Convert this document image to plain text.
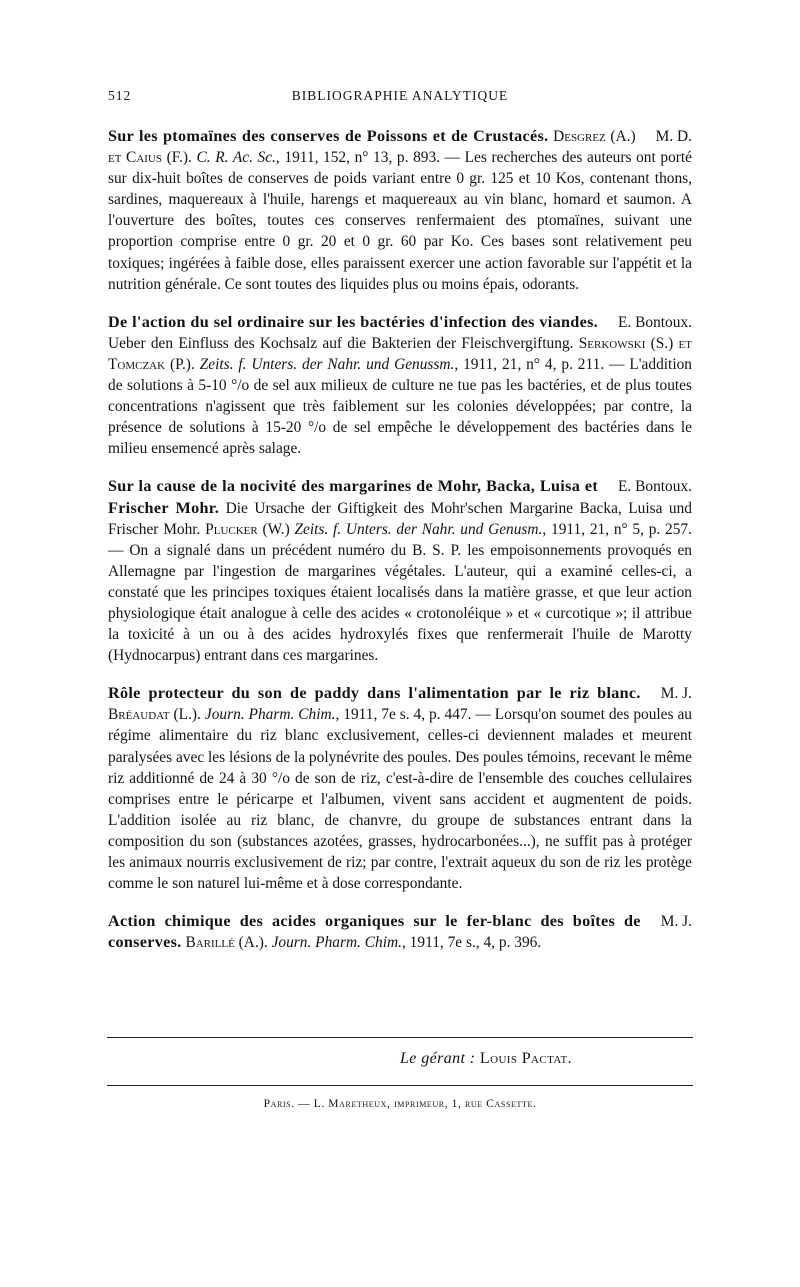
512	BIBLIOGRAPHIE ANALYTIQUE

M. D.
Sur les ptomaïnes des conserves de Poissons et de Crustacés. Desgrez (A.) et Caius (F.). C. R. Ac. Sc., 1911, 152, n° 13, p. 893. — Les recherches des auteurs ont porté sur dix-huit boîtes de conserves de poids variant entre 0 gr. 125 et 10 Kos, contenant thons, sardines, maquereaux à l'huile, harengs et maquereaux au vin blanc, homard et saumon. A l'ouverture des boîtes, toutes ces conserves renfermaient des ptomaïnes, suivant une proportion comprise entre 0 gr. 20 et 0 gr. 60 par Ko. Ces bases sont relativement peu toxiques; ingérées à faible dose, elles paraissent exercer une action favorable sur l'appétit et la nutrition générale. Ce sont toutes des liquides plus ou moins épais, odorants.

E. Bontoux.
De l'action du sel ordinaire sur les bactéries d'infection des viandes. Ueber den Einfluss des Kochsalz auf die Bakterien der Fleischvergiftung. Serkowski (S.) et Tomczak (P.). Zeits. f. Unters. der Nahr. und Genussm., 1911, 21, n° 4, p. 211. — L'addition de solutions à 5-10 °/o de sel aux milieux de culture ne tue pas les bactéries, et de plus toutes concentrations n'agissent que très faiblement sur les colonies développées; par contre, la présence de solutions à 15-20 °/o de sel empêche le développement des bactéries dans le milieu ensemencé après salage.

E. Bontoux.
Sur la cause de la nocivité des margarines de Mohr, Backa, Luisa et Frischer Mohr. Die Ursache der Giftigkeit des Mohr'schen Margarine Backa, Luisa und Frischer Mohr. Plucker (W.) Zeits. f. Unters. der Nahr. und Genusm., 1911, 21, n° 5, p. 257. — On a signalé dans un précédent numéro du B. S. P. les empoisonnements provoqués en Allemagne par l'ingestion de margarines végétales. L'auteur, qui a examiné celles-ci, a constaté que les principes toxiques étaient localisés dans la matière grasse, et que leur action physiologique était analogue à celle des acides « crotonoléique » et « curcotique »; il attribue la toxicité à un ou à des acides hydroxylés fixes que renfermerait l'huile de Marotty (Hydnocarpus) entrant dans ces margarines.

M. J.
Rôle protecteur du son de paddy dans l'alimentation par le riz blanc. Bréaudat (L.). Journ. Pharm. Chim., 1911, 7e s. 4, p. 447. — Lorsqu'on soumet des poules au régime alimentaire du riz blanc exclusivement, celles-ci deviennent malades et meurent paralysées avec les lésions de la polynévrite des poules. Des poules témoins, recevant le même riz additionné de 24 à 30 °/o de son de riz, c'est-à-dire de l'ensemble des couches cellulaires comprises entre le péricarpe et l'albumen, vivent sans accident et augmentent de poids. L'addition isolée au riz blanc, de chanvre, du groupe de substances entrant dans la composition du son (substances azotées, grasses, hydrocarbonées...), ne suffit pas à protéger les animaux nourris exclusivement de riz; par contre, l'extrait aqueux du son de riz les protège comme le son naturel lui-même et à dose correspondante.

M. J.
Action chimique des acides organiques sur le fer-blanc des boîtes de conserves. Barillé (A.). Journ. Pharm. Chim., 1911, 7e s., 4, p. 396.

Le gérant : Louis Pactat.
Paris. — L. Maretheux, imprimeur, 1, rue Cassette.
